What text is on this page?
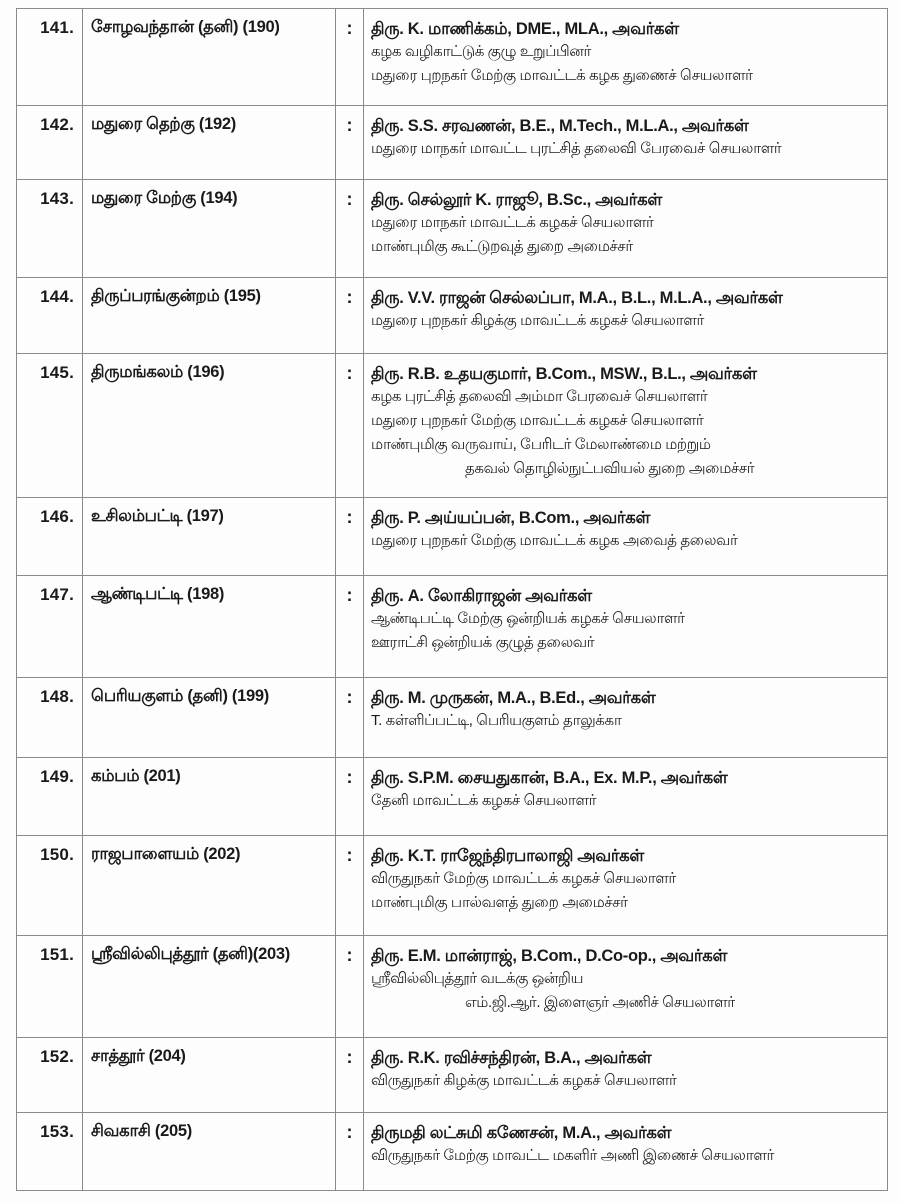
141.	சோழவந்தான் (தனி) (190)	:	திரு. K. மாணிக்கம், DME., MLA., அவர்கள்
கழக வழிகாட்டுக் குழு உறுப்பினர்
மதுரை புறநகர் மேற்கு மாவட்டக் கழக துணைச் செயலாளர்

142.	மதுரை தெற்கு (192)	:	திரு. S.S. சரவணன், B.E., M.Tech., M.L.A., அவர்கள்
மதுரை மாநகர் மாவட்ட புரட்சித் தலைவி பேரவைச் செயலாளர்

143.	மதுரை மேற்கு (194)	:	திரு. செல்லூர் K. ராஜூ, B.Sc., அவர்கள்
மதுரை மாநகர் மாவட்டக் கழகச் செயலாளர்
மாண்புமிகு கூட்டுறவுத் துறை அமைச்சர்

144.	திருப்பரங்குன்றம் (195)	:	திரு. V.V. ராஜன் செல்லப்பா, M.A., B.L., M.L.A., அவர்கள்
மதுரை புறநகர் கிழக்கு மாவட்டக் கழகச் செயலாளர்

145.	திருமங்கலம் (196)	:	திரு. R.B. உதயகுமார், B.Com., MSW., B.L., அவர்கள்
கழக புரட்சித் தலைவி அம்மா பேரவைச் செயலாளர்
மதுரை புறநகர் மேற்கு மாவட்டக் கழகச் செயலாளர்
மாண்புமிகு வருவாய், பேரிடர் மேலாண்மை மற்றும்
தகவல் தொழில்நுட்பவியல் துறை அமைச்சர்

146.	உசிலம்பட்டி (197)	:	திரு. P. அய்யப்பன், B.Com., அவர்கள்
மதுரை புறநகர் மேற்கு மாவட்டக் கழக அவைத் தலைவர்

147.	ஆண்டிபட்டி (198)	:	திரு. A. லோகிராஜன் அவர்கள்
ஆண்டிபட்டி மேற்கு ஒன்றியக் கழகச் செயலாளர்
ஊராட்சி ஒன்றியக் குழுத் தலைவர்

148.	பெரியகுளம் (தனி) (199)	:	திரு. M. முருகன், M.A., B.Ed., அவர்கள்
T. கள்ளிப்பட்டி, பெரியகுளம் தாலுக்கா

149.	கம்பம் (201)	:	திரு. S.P.M. சையதுகான், B.A., Ex. M.P., அவர்கள்
தேனி மாவட்டக் கழகச் செயலாளர்

150.	ராஜபாளையம் (202)	:	திரு. K.T. ராஜேந்திரபாலாஜி அவர்கள்
விருதுநகர் மேற்கு மாவட்டக் கழகச் செயலாளர்
மாண்புமிகு பால்வளத் துறை அமைச்சர்

151.	ஸ்ரீவில்லிபுத்தூர் (தனி)(203)	:	திரு. E.M. மான்ராஜ், B.Com., D.Co-op., அவர்கள்
ஸ்ரீவில்லிபுத்தூர் வடக்கு ஒன்றிய
எம்.ஜி.ஆர். இளைஞர் அணிச் செயலாளர்

152.	சாத்தூர் (204)	:	திரு. R.K. ரவிச்சந்திரன், B.A., அவர்கள்
விருதுநகர் கிழக்கு மாவட்டக் கழகச் செயலாளர்

153.	சிவகாசி (205)	:	திருமதி லட்சுமி கணேசன், M.A., அவர்கள்
விருதுநகர் மேற்கு மாவட்ட மகளிர் அணி இணைச் செயலாளர்
